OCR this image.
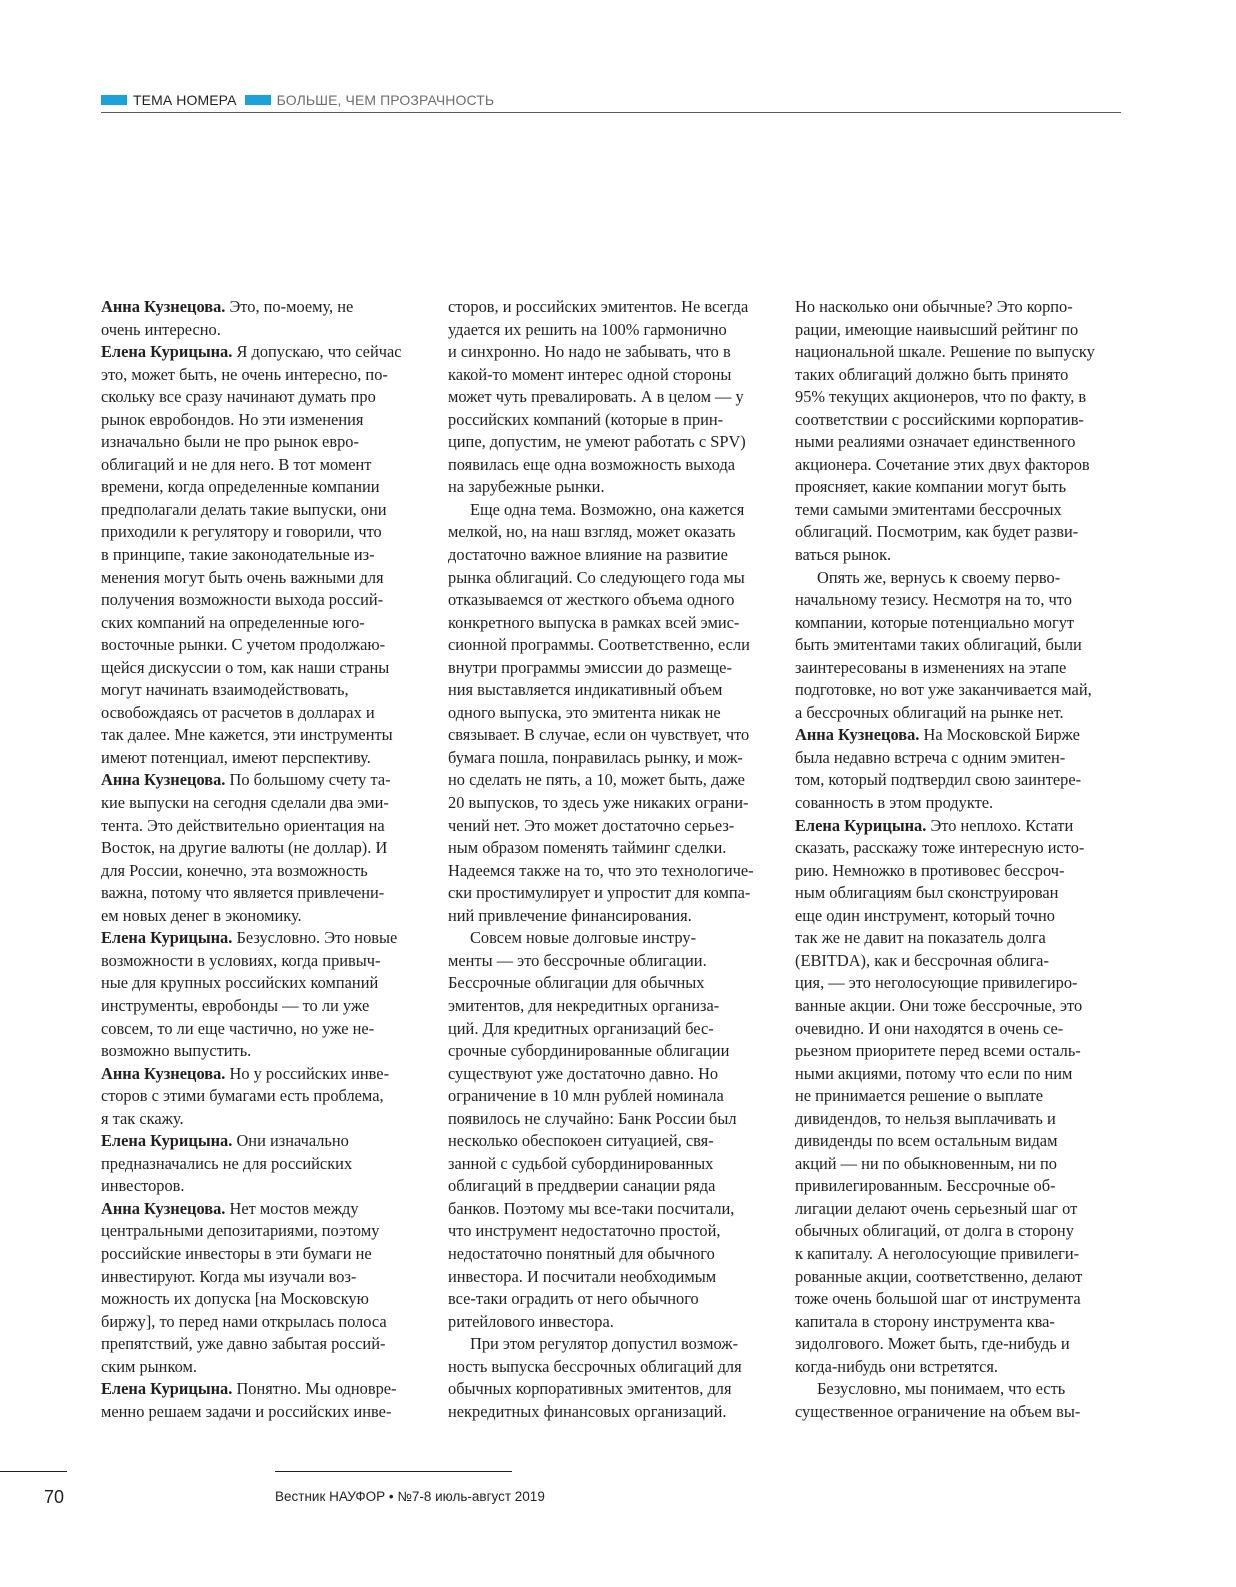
ТЕМА НОМЕРА	БОЛЬШЕ, ЧЕМ ПРОЗРАЧНОСТЬ

Анна Кузнецова. Это, по-моему, не
очень интересно.

Елена Курицына. Я допускаю, что сейчас
это, может быть, не очень интересно, по-
скольку все сразу начинают думать про
рынок евробондов. Но эти изменения
изначально были не про рынок евро-
облигаций и не для него. В тот момент
времени, когда определенные компании
предполагали делать такие выпуски, они
приходили к регулятору и говорили, что
в принципе, такие законодательные из-
менения могут быть очень важными для
получения возможности выхода россий-
ских компаний на определенные юго-
восточные рынки. С учетом продолжаю-
щейся дискуссии о том, как наши страны
могут начинать взаимодействовать,
освобождаясь от расчетов в долларах и
так далее. Мне кажется, эти инструменты
имеют потенциал, имеют перспективу.

Анна Кузнецова. По большому счету та-
кие выпуски на сегодня сделали два эми-
тента. Это действительно ориентация на
Восток, на другие валюты (не доллар). И
для России, конечно, эта возможность
важна, потому что является привлечени-
ем новых денег в экономику.

Елена Курицына. Безусловно. Это новые
возможности в условиях, когда привыч-
ные для крупных российских компаний
инструменты, евробонды — то ли уже
совсем, то ли еще частично, но уже не-
возможно выпустить.

Анна Кузнецова. Но у российских инве-
сторов с этими бумагами есть проблема,
я так скажу.

Елена Курицына. Они изначально
предназначались не для российских
инвесторов.

Анна Кузнецова. Нет мостов между
центральными депозитариями, поэтому
российские инвесторы в эти бумаги не
инвестируют. Когда мы изучали воз-
можность их допуска [на Московскую
биржу], то перед нами открылась полоса
препятствий, уже давно забытая россий-
ским рынком.

Елена Курицына. Понятно. Мы одновре-
менно решаем задачи и российских инве-

сторов, и российских эмитентов. Не всегда
удается их решить на 100% гармонично
и синхронно. Но надо не забывать, что в
какой-то момент интерес одной стороны
может чуть превалировать. А в целом — у
российских компаний (которые в прин-
ципе, допустим, не умеют работать с SPV)
появилась еще одна возможность выхода
на зарубежные рынки.

Еще одна тема. Возможно, она кажется
мелкой, но, на наш взгляд, может оказать
достаточно важное влияние на развитие
рынка облигаций. Со следующего года мы
отказываемся от жесткого объема одного
конкретного выпуска в рамках всей эмис-
сионной программы. Соответственно, если
внутри программы эмиссии до размеще-
ния выставляется индикативный объем
одного выпуска, это эмитента никак не
связывает. В случае, если он чувствует, что
бумага пошла, понравилась рынку, и мож-
но сделать не пять, а 10, может быть, даже
20 выпусков, то здесь уже никаких ограни-
чений нет. Это может достаточно серьез-
ным образом поменять тайминг сделки.
Надеемся также на то, что это технологиче-
ски простимулирует и упростит для компа-
ний привлечение финансирования.

Совсем новые долговые инстру-
менты — это бессрочные облигации.
Бессрочные облигации для обычных
эмитентов, для некредитных организа-
ций. Для кредитных организаций бес-
срочные субординированные облигации
существуют уже достаточно давно. Но
ограничение в 10 млн рублей номинала
появилось не случайно: Банк России был
несколько обеспокоен ситуацией, свя-
занной с судьбой субординированных
облигаций в преддверии санации ряда
банков. Поэтому мы все-таки посчитали,
что инструмент недостаточно простой,
недостаточно понятный для обычного
инвестора. И посчитали необходимым
все-таки оградить от него обычного
ритейлового инвестора.

При этом регулятор допустил возмож-
ность выпуска бессрочных облигаций для
обычных корпоративных эмитентов, для
некредитных финансовых организаций.

Но насколько они обычные? Это корпо-
рации, имеющие наивысший рейтинг по
национальной шкале. Решение по выпуску
таких облигаций должно быть принято
95% текущих акционеров, что по факту, в
соответствии с российскими корпоратив-
ными реалиями означает единственного
акционера. Сочетание этих двух факторов
проясняет, какие компании могут быть
теми самыми эмитентами бессрочных
облигаций. Посмотрим, как будет разви-
ваться рынок.

Опять же, вернусь к своему перво-
начальному тезису. Несмотря на то, что
компании, которые потенциально могут
быть эмитентами таких облигаций, были
заинтересованы в изменениях на этапе
подготовке, но вот уже заканчивается май,
а бессрочных облигаций на рынке нет.

Анна Кузнецова. На Московской Бирже
была недавно встреча с одним эмитен-
том, который подтвердил свою заинтере-
сованность в этом продукте.

Елена Курицына. Это неплохо. Кстати
сказать, расскажу тоже интересную исто-
рию. Немножко в противовес бессроч-
ным облигациям был сконструирован
еще один инструмент, который точно
так же не давит на показатель долга
(EBITDA), как и бессрочная облига-
ция, — это неголосующие привилегиро-
ванные акции. Они тоже бессрочные, это
очевидно. И они находятся в очень се-
рьезном приоритете перед всеми осталь-
ными акциями, потому что если по ним
не принимается решение о выплате
дивидендов, то нельзя выплачивать и
дивиденды по всем остальным видам
акций — ни по обыкновенным, ни по
привилегированным. Бессрочные об-
лигации делают очень серьезный шаг от
обычных облигаций, от долга в сторону
к капиталу. А неголосующие привилеги-
рованные акции, соответственно, делают
тоже очень большой шаг от инструмента
капитала в сторону инструмента ква-
зидолгового. Может быть, где-нибудь и
когда-нибудь они встретятся.

Безусловно, мы понимаем, что есть
существенное ограничение на объем вы-

70	Вестник НАУФОР • №7-8 июль-август 2019
